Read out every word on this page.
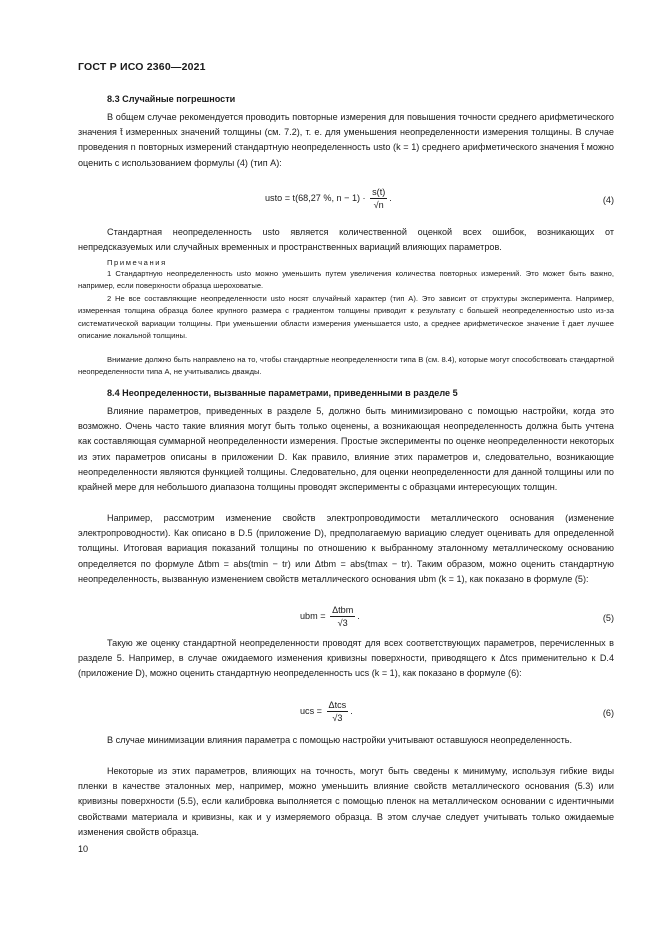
ГОСТ Р ИСО 2360—2021
8.3 Случайные погрешности
В общем случае рекомендуется проводить повторные измерения для повышения точности среднего арифметического значения t̄ измеренных значений толщины (см. 7.2), т. е. для уменьшения неопределенности измерения толщины. В случае проведения n повторных измерений стандартную неопределенность usto (k = 1) среднего арифметического значения t̄ можно оценить с использованием формулы (4) (тип А):
usto = t(68,27 %, $n - 1) \cdot \frac{s(t)}{√n}$ .	(4)
Стандартная неопределенность usto является количественной оценкой всех ошибок, возникающих от непредсказуемых или случайных временных и пространственных вариаций влияющих параметров.
Примечания
1 Стандартную неопределенность usto можно уменьшить путем увеличения количества повторных измерений. Это может быть важно, например, если поверхности образца шероховатые.
2 Не все составляющие неопределенности usto носят случайный характер (тип А). Это зависит от структуры эксперимента. Например, измеренная толщина образца более крупного размера с градиентом толщины приводит к результату с большей неопределенностью usto из-за систематической вариации толщины. При уменьшении области измерения уменьшается usto, а среднее арифметическое значение t̄ дает лучшее описание локальной толщины.
Внимание должно быть направлено на то, чтобы стандартные неопределенности типа В (см. 8.4), которые могут способствовать стандартной неопределенности типа А, не учитывались дважды.
8.4 Неопределенности, вызванные параметрами, приведенными в разделе 5
Влияние параметров, приведенных в разделе 5, должно быть минимизировано с помощью настройки, когда это возможно. Очень часто такие влияния могут быть только оценены, а возникающая неопределенность должна быть учтена как составляющая суммарной неопределенности измерения. Простые эксперименты по оценке неопределенности некоторых из этих параметров описаны в приложении D. Как правило, влияние этих параметров и, следовательно, возникающие неопределенности являются функцией толщины. Следовательно, для оценки неопределенности для данной толщины или по крайней мере для небольшого диапазона толщины проводят эксперименты с образцами интересующих толщин.
Например, рассмотрим изменение свойств электропроводимости металлического основания (изменение электропроводности). Как описано в D.5 (приложение D), предполагаемую вариацию следует оценивать для определенной толщины. Итоговая вариация показаний толщины по отношению к выбранному эталонному металлическому основанию определяется по формуле Δtbm = abs(tmin − tr) или Δtbm = abs(tmax − tr). Таким образом, можно оценить стандартную неопределенность, вызванную изменением свойств металлического основания ubm (k = 1), как показано в формуле (5):
ubm = $\frac{\text{Δtbm}}{√3}$ .	(5)
Такую же оценку стандартной неопределенности проводят для всех соответствующих параметров, перечисленных в разделе 5. Например, в случае ожидаемого изменения кривизны поверхности, приводящего к Δtcs применительно к D.4 (приложение D), можно оценить стандартную неопределенность ucs (k = 1), как показано в формуле (6):
ucs = $\frac{\text{Δtcs}}{√3}$ .	(6)
В случае минимизации влияния параметра с помощью настройки учитывают оставшуюся неопределенность.
Некоторые из этих параметров, влияющих на точность, могут быть сведены к минимуму, используя гибкие виды пленки в качестве эталонных мер, например, можно уменьшить влияние свойств металлического основания (5.3) или кривизны поверхности (5.5), если калибровка выполняется с помощью пленок на металлическом основании с идентичными свойствами материала и кривизны, как и у измеряемого образца. В этом случае следует учитывать только ожидаемые изменения свойств образца.
10
